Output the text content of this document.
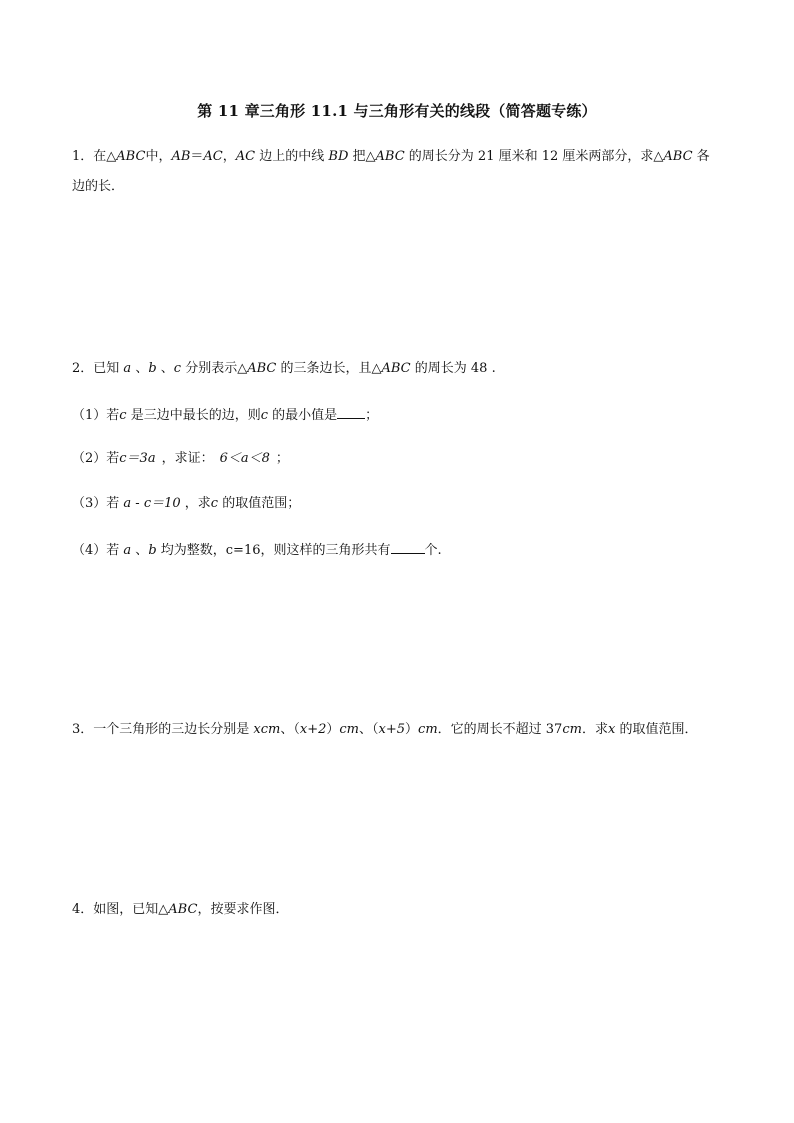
第 11 章三角形 11.1 与三角形有关的线段（简答题专练）
1．在△ABC中，AB＝AC，AC 边上的中线 BD 把△ABC 的周长分为 21 厘米和 12 厘米两部分，求△ABC 各
边的长．
2．已知 a 、b 、c 分别表示△ABC 的三条边长，且△ABC 的周长为 48 .
（1）若c 是三边中最长的边，则c 的最小值是 ；
（2）若c＝3a ，求证： 6＜a＜8 ；
（3）若 a - c＝10 ，求c 的取值范围；
（4）若 a 、b 均为整数，c=16，则这样的三角形共有	个.
3．一个三角形的三边长分别是 xcm、（x+2）cm、（x+5）cm．它的周长不超过 37cm．求x 的取值范围．
4．如图，已知△ABC，按要求作图．
